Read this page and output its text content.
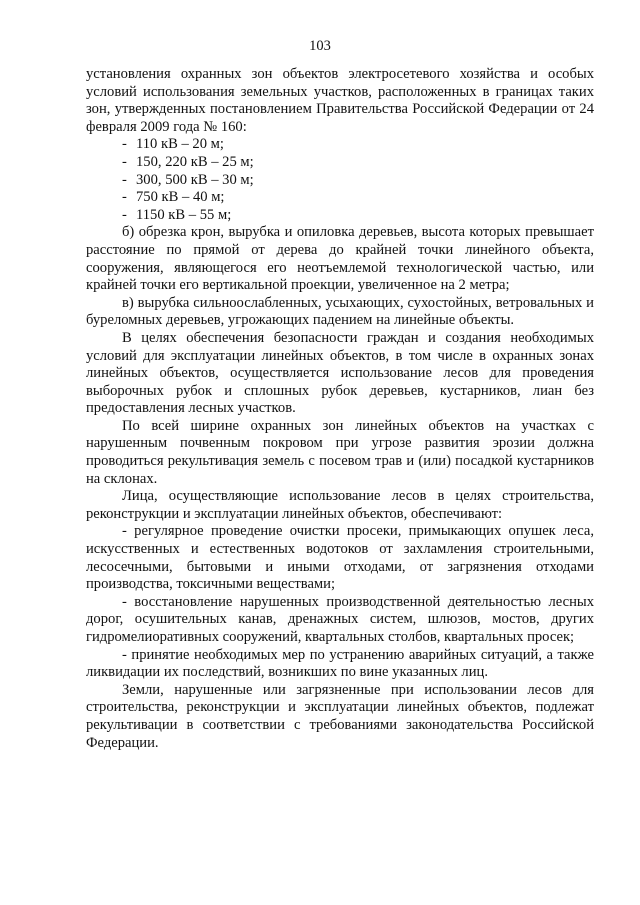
103

установления охранных зон объектов электросетевого хозяйства и особых условий использования земельных участков, расположенных в границах таких зон, утвержденных постановлением Правительства Российской Федерации от 24 февраля 2009 года № 160:

- 110 кВ – 20 м;
- 150, 220 кВ – 25 м;
- 300, 500 кВ – 30 м;
- 750 кВ – 40 м;
- 1150 кВ – 55 м;

б) обрезка крон, вырубка и опиловка деревьев, высота которых превышает расстояние по прямой от дерева до крайней точки линейного объекта, сооружения, являющегося его неотъемлемой технологической частью, или крайней точки его вертикальной проекции, увеличенное на 2 метра;

в) вырубка сильноослабленных, усыхающих, сухостойных, ветровальных и буреломных деревьев, угрожающих падением на линейные объекты.

В целях обеспечения безопасности граждан и создания необходимых условий для эксплуатации линейных объектов, в том числе в охранных зонах линейных объектов, осуществляется использование лесов для проведения выборочных рубок и сплошных рубок деревьев, кустарников, лиан без предоставления лесных участков.

По всей ширине охранных зон линейных объектов на участках с нарушенным почвенным покровом при угрозе развития эрозии должна проводиться рекультивация земель с посевом трав и (или) посадкой кустарников на склонах.

Лица, осуществляющие использование лесов в целях строительства, реконструкции и эксплуатации линейных объектов, обеспечивают:

- регулярное проведение очистки просеки, примыкающих опушек леса, искусственных и естественных водотоков от захламления строительными, лесосечными, бытовыми и иными отходами, от загрязнения отходами производства, токсичными веществами;

- восстановление нарушенных производственной деятельностью лесных дорог, осушительных канав, дренажных систем, шлюзов, мостов, других гидромелиоративных сооружений, квартальных столбов, квартальных просек;

- принятие необходимых мер по устранению аварийных ситуаций, а также ликвидации их последствий, возникших по вине указанных лиц.

Земли, нарушенные или загрязненные при использовании лесов для строительства, реконструкции и эксплуатации линейных объектов, подлежат рекультивации в соответствии с требованиями законодательства Российской Федерации.
